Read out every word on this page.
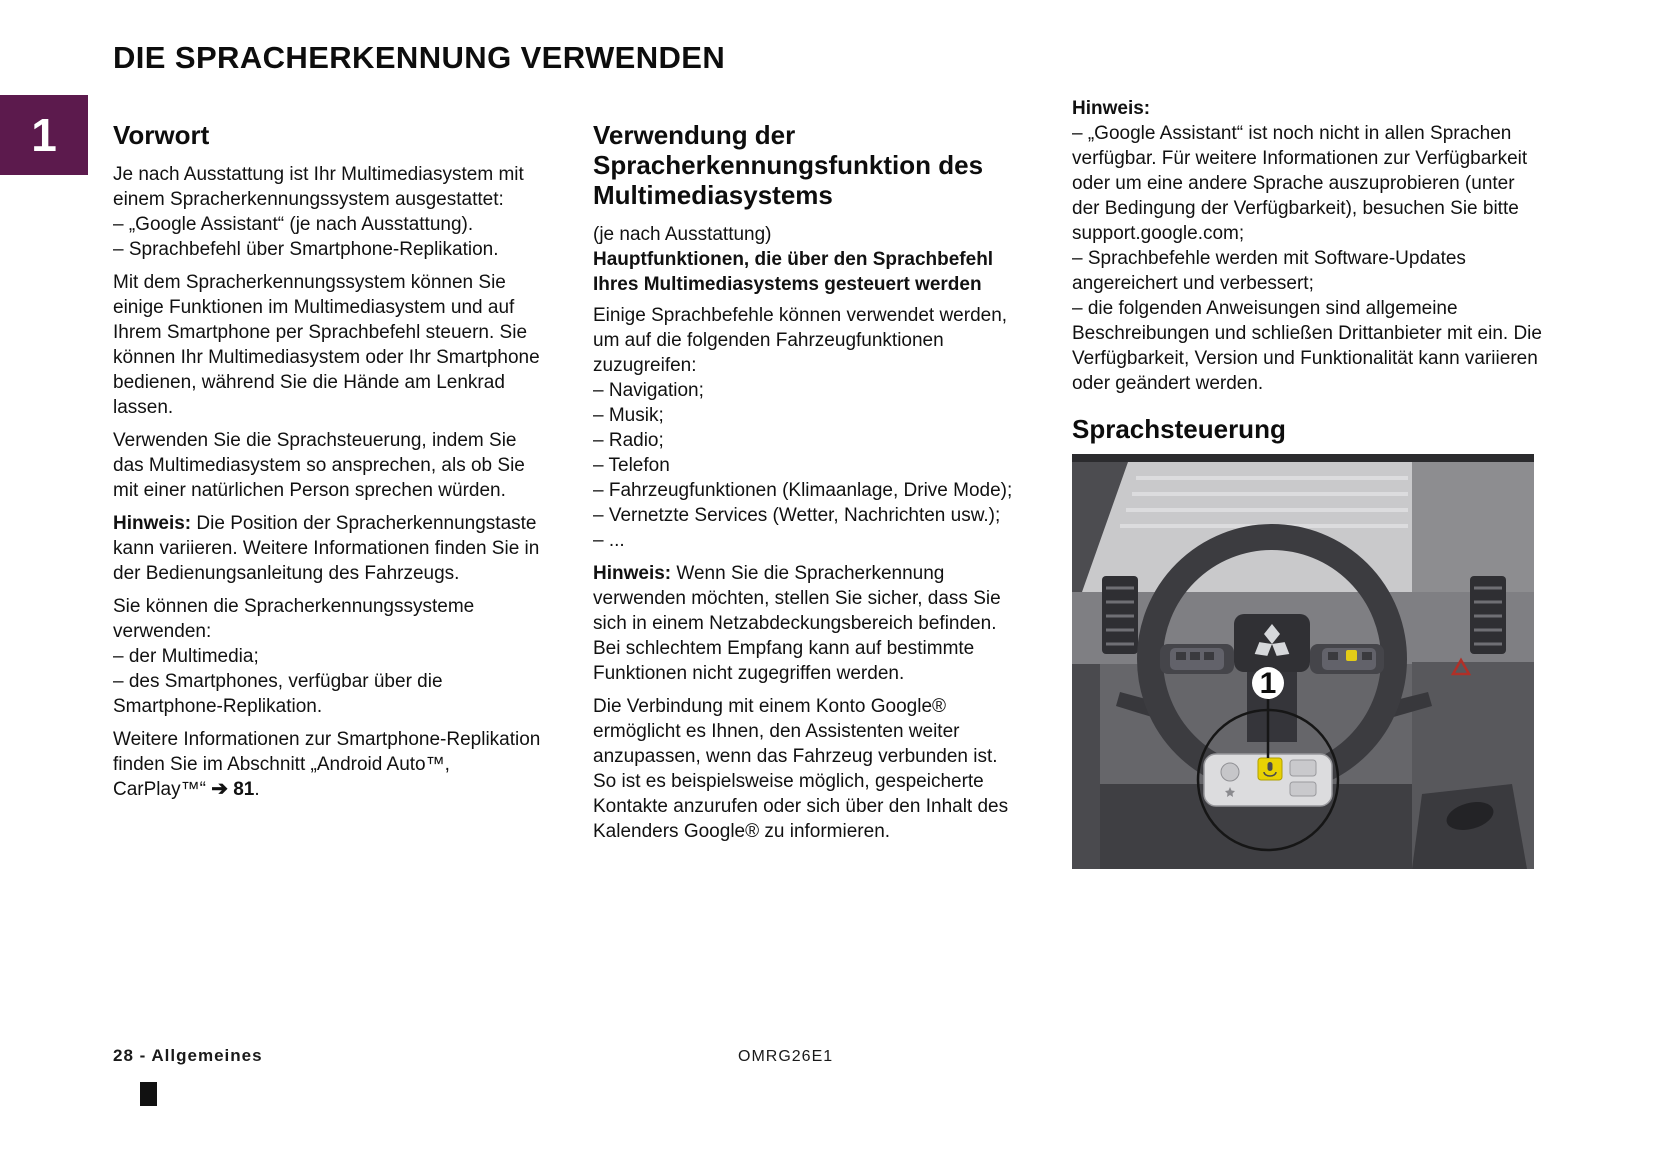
DIE SPRACHERKENNUNG VERWENDEN
1 Vorwort

Je nach Ausstattung ist Ihr Multimediasystem mit einem Spracherkennungssystem ausgestattet:

– „Google Assistant“ (je nach Ausstattung).

– Sprachbefehl über Smartphone-Replikation.

Mit dem Spracherkennungssystem können Sie einige Funktionen im Multimediasystem und auf Ihrem Smartphone per Sprachbefehl steuern. Sie können Ihr Multimediasystem oder Ihr Smartphone bedienen, während Sie die Hände am Lenkrad lassen.

Verwenden Sie die Sprachsteuerung, indem Sie das Multimediasystem so ansprechen, als ob Sie mit einer natürlichen Person sprechen würden.

Hinweis: Die Position der Spracherkennungstaste kann variieren. Weitere Informationen finden Sie in der Bedienungsanleitung des Fahrzeugs.

Sie können die Spracherkennungssysteme verwenden:

– der Multimedia;

– des Smartphones, verfügbar über die Smartphone-Replikation.

Weitere Informationen zur Smartphone-Replikation finden Sie im Abschnitt „Android Auto™, CarPlay™“ ➔ 81.

Verwendung der Spracherkennungsfunktion des Multimediasystems

(je nach Ausstattung)

Hauptfunktionen, die über den Sprachbefehl Ihres Multimediasystems gesteuert werden

Einige Sprachbefehle können verwendet werden, um auf die folgenden Fahrzeugfunktionen zuzugreifen:

– Navigation;

– Musik;

– Radio;

– Telefon

– Fahrzeugfunktionen (Klimaanlage, Drive Mode);

– Vernetzte Services (Wetter, Nachrichten usw.);

– ...

Hinweis: Wenn Sie die Spracherkennung verwenden möchten, stellen Sie sicher, dass Sie sich in einem Netzabdeckungsbereich befinden. Bei schlechtem Empfang kann auf bestimmte Funktionen nicht zugegriffen werden.

Die Verbindung mit einem Konto Google® ermöglicht es Ihnen, den Assistenten weiter anzupassen, wenn das Fahrzeug verbunden ist. So ist es beispielsweise möglich, gespeicherte Kontakte anzurufen oder sich über den Inhalt des Kalenders Google® zu informieren.

Hinweis:

– „Google Assistant“ ist noch nicht in allen Sprachen verfügbar. Für weitere Informationen zur Verfügbarkeit oder um eine andere Sprache auszuprobieren (unter der Bedingung der Verfügbarkeit), besuchen Sie bitte support.google.com;

– Sprachbefehle werden mit Software-Updates angereichert und verbessert;

– die folgenden Anweisungen sind allgemeine Beschreibungen und schließen Drittanbieter mit ein. Die Verfügbarkeit, Version und Funktionalität kann variieren oder geändert werden.

Sprachsteuerung
1
28 - Allgemeines	OMRG26E1
